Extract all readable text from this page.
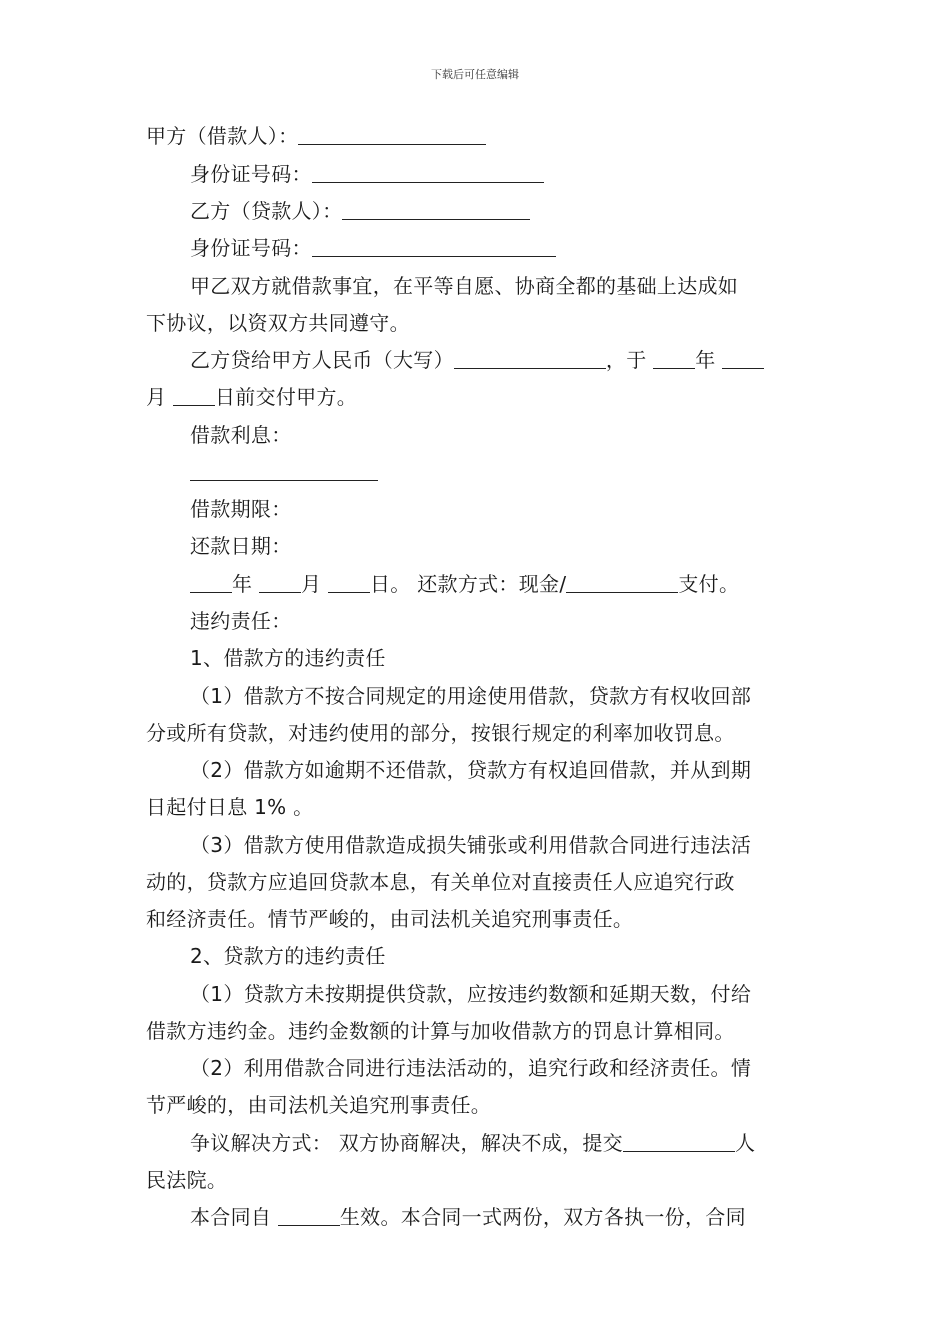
下载后可任意编辑
甲方（借款人）：
身份证号码：
乙方（贷款人）：
身份证号码：
甲乙双方就借款事宜，在平等自愿、协商全都的基础上达成如
下协议，以资双方共同遵守。
乙方贷给甲方人民币（大写）	，于 年
月 日前交付甲方。
借款利息：
借款期限：
还款日期：
年 月 日。 还款方式：现金/	支付。
违约责任：
1、借款方的违约责任
（1）借款方不按合同规定的用途使用借款，贷款方有权收回部
分或所有贷款，对违约使用的部分，按银行规定的利率加收罚息。
（2）借款方如逾期不还借款，贷款方有权追回借款，并从到期
日起付日息 1% 。
（3）借款方使用借款造成损失铺张或利用借款合同进行违法活
动的，贷款方应追回贷款本息，有关单位对直接责任人应追究行政
和经济责任。情节严峻的，由司法机关追究刑事责任。
2、贷款方的违约责任
（1）贷款方未按期提供贷款，应按违约数额和延期天数，付给
借款方违约金。违约金数额的计算与加收借款方的罚息计算相同。
（2）利用借款合同进行违法活动的，追究行政和经济责任。情
节严峻的，由司法机关追究刑事责任。
争议解决方式： 双方协商解决，解决不成，提交	人
民法院。
本合同自	生效。本合同一式两份，双方各执一份，合同
